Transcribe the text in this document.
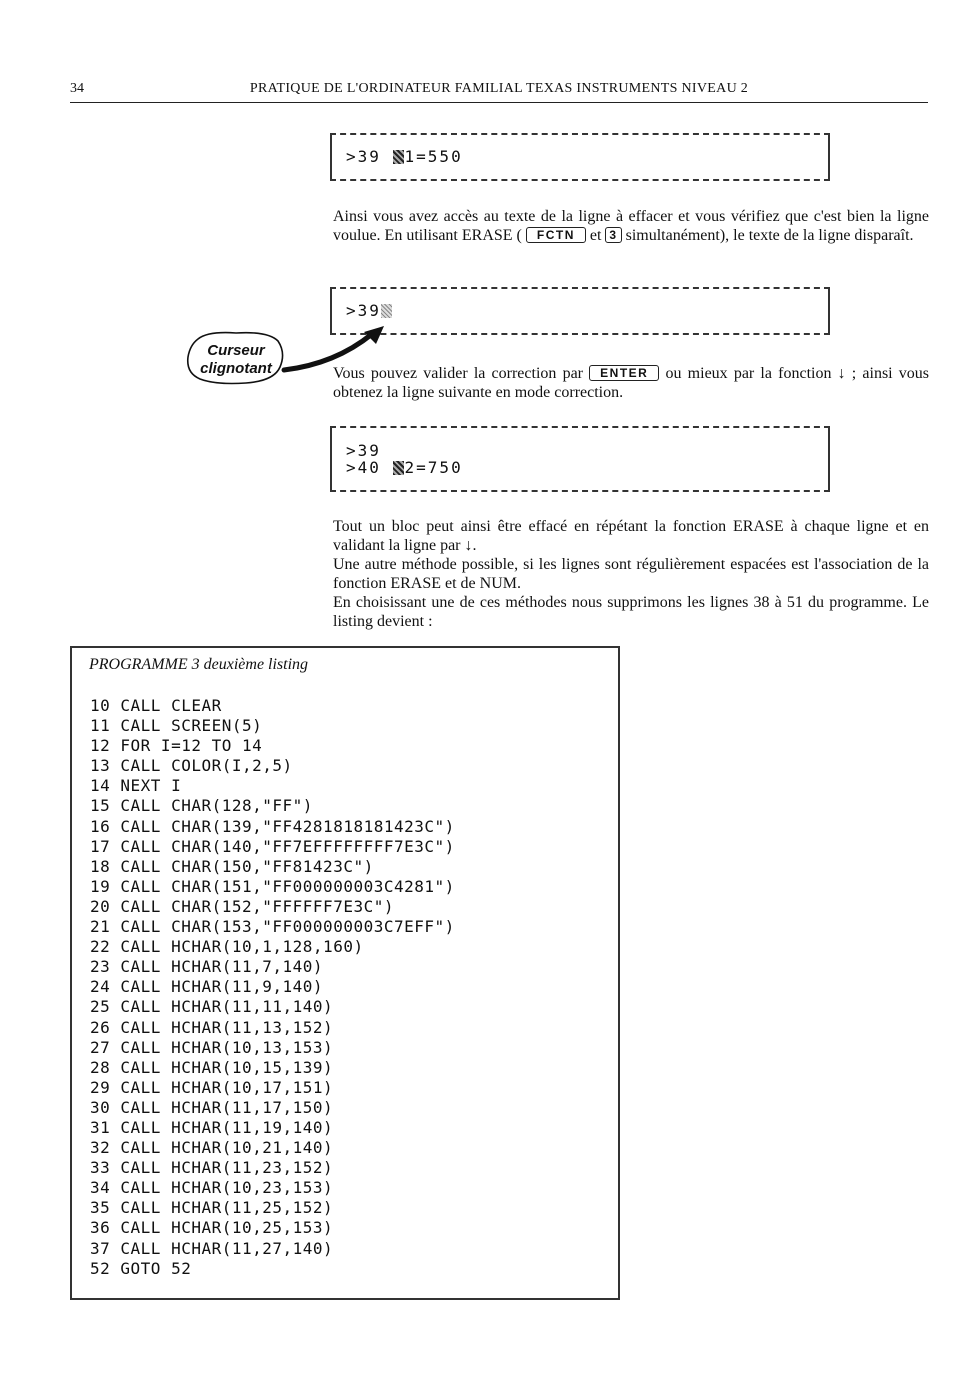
34	PRATIQUE DE L'ORDINATEUR FAMILIAL TEXAS INSTRUMENTS NIVEAU 2
>39 1=550

Ainsi vous avez accès au texte de la ligne à effacer et vous vérifiez que c'est bien la ligne voulue. En utilisant ERASE ( FCTN et 3 simultanément), le texte de la ligne disparaît.

>39
Curseur
clignotant	Vous pouvez valider la correction par ENTER ou mieux par la fonction ↓ ; ainsi vous obtenez la ligne suivante en mode correction.

>39
>40 2=750

Tout un bloc peut ainsi être effacé en répétant la fonction ERASE à chaque ligne et en validant la ligne par ↓.

Une autre méthode possible, si les lignes sont régulièrement espacées est l'association de la fonction ERASE et de NUM.

En choisissant une de ces méthodes nous supprimons les lignes 38 à 51 du programme. Le listing devient :

PROGRAMME 3 deuxième listing
10 CALL CLEAR
11 CALL SCREEN(5)
12 FOR I=12 TO 14
13 CALL COLOR(I,2,5)
14 NEXT I
15 CALL CHAR(128,"FF")
16 CALL CHAR(139,"FF4281818181423C")
17 CALL CHAR(140,"FF7EFFFFFFFF7E3C")
18 CALL CHAR(150,"FF81423C")
19 CALL CHAR(151,"FF000000003C4281")
20 CALL CHAR(152,"FFFFFF7E3C")
21 CALL CHAR(153,"FF000000003C7EFF")
22 CALL HCHAR(10,1,128,160)
23 CALL HCHAR(11,7,140)
24 CALL HCHAR(11,9,140)
25 CALL HCHAR(11,11,140)
26 CALL HCHAR(11,13,152)
27 CALL HCHAR(10,13,153)
28 CALL HCHAR(10,15,139)
29 CALL HCHAR(10,17,151)
30 CALL HCHAR(11,17,150)
31 CALL HCHAR(11,19,140)
32 CALL HCHAR(10,21,140)
33 CALL HCHAR(11,23,152)
34 CALL HCHAR(10,23,153)
35 CALL HCHAR(11,25,152)
36 CALL HCHAR(10,25,153)
37 CALL HCHAR(11,27,140)
52 GOTO 52
